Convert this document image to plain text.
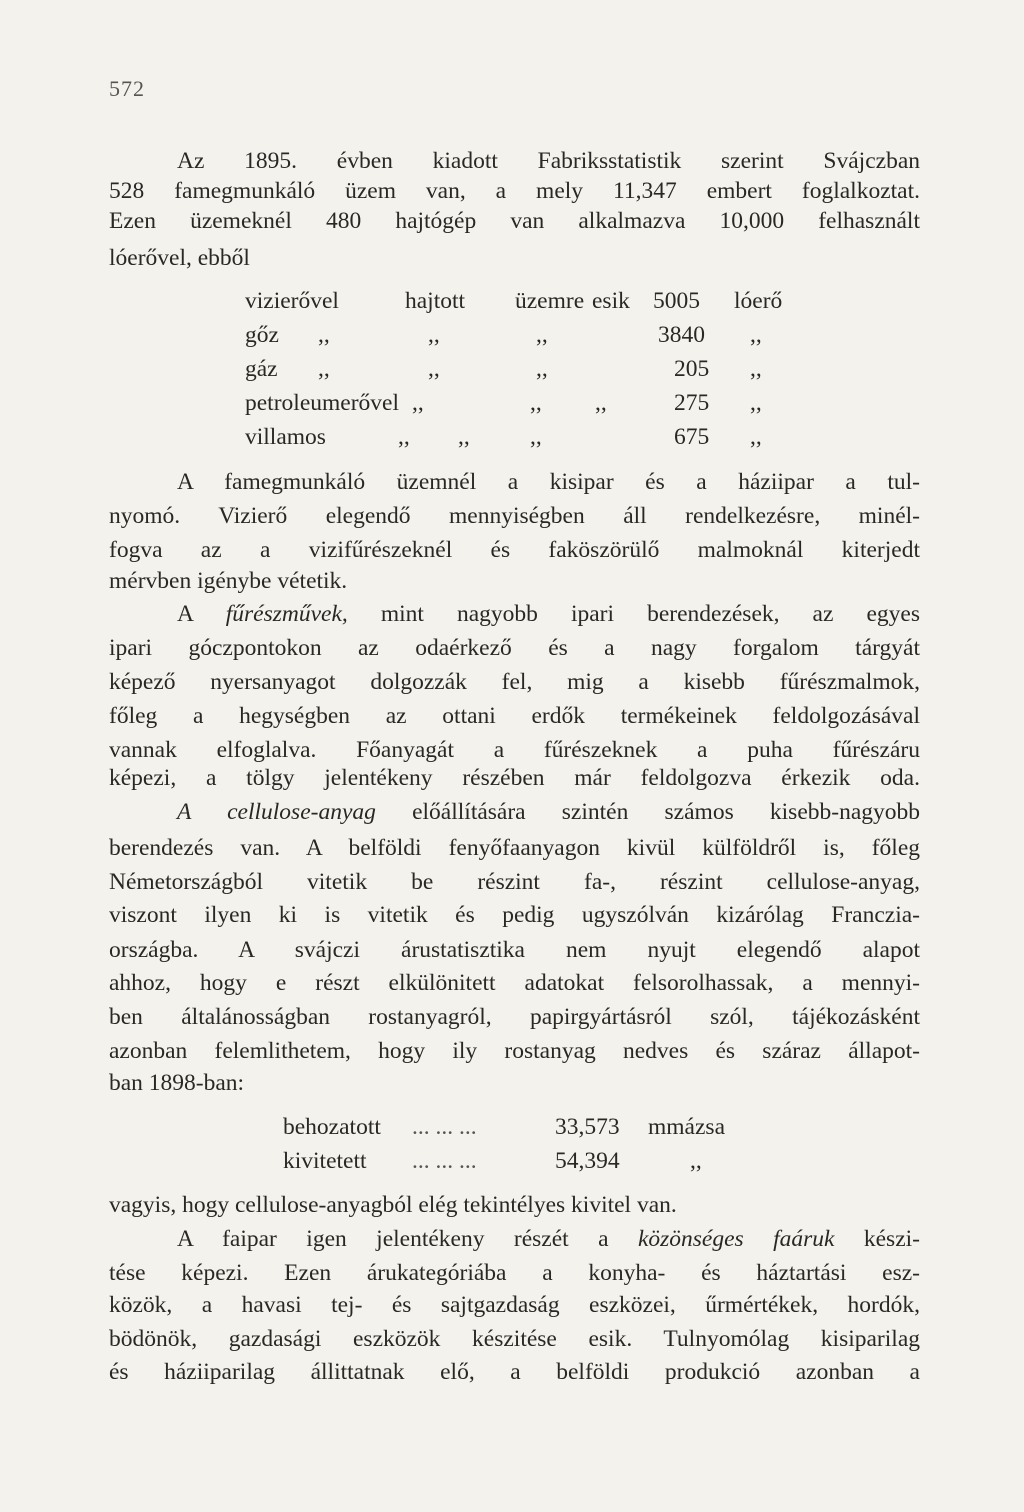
572
Az 1895. évben kiadott Fabriksstatistik szerint Svájczban
528 famegmunkáló üzem van, a mely 11,347 embert foglalkoztat.
Ezen üzemeknél 480 hajtógép van alkalmazva 10,000 felhasznált
lóerővel, ebből
vizierővel	hajtott üzemre esik 5005 lóerő
gőz ,,	,,	,,	3840 ,,
gáz ,,	,,	,,	205 ,,
petroleumerővel ,,	,, ,,	275 ,,
villamos	,, ,,	,,	675 ,,
A famegmunkáló üzemnél a kisipar és a háziipar a tul-
nyomó. Vizierő elegendő mennyiségben áll rendelkezésre, minél-
fogva az a vizifűrészeknél és faköszörülő malmoknál kiterjedt
mérvben igénybe vétetik.
A fűrészművek, mint nagyobb ipari berendezések, az egyes
ipari góczpontokon az odaérkező és a nagy forgalom tárgyát
képező nyersanyagot dolgozzák fel, mig a kisebb fűrészmalmok,
főleg a hegységben az ottani erdők termékeinek feldolgozásával
vannak elfoglalva. Főanyagát a fűrészeknek a puha fűrészáru
képezi, a tölgy jelentékeny részében már feldolgozva érkezik oda.
A cellulose-anyag előállítására szintén számos kisebb-nagyobb
berendezés van. A belföldi fenyőfaanyagon kivül külföldről is, főleg
Németországból vitetik be részint fa-, részint cellulose-anyag,
viszont ilyen ki is vitetik és pedig ugyszólván kizárólag Franczia-
országba. A svájczi árustatisztika nem nyujt elegendő alapot
ahhoz, hogy e részt elkülönitett adatokat felsorolhassak, a mennyi-
ben általánosságban rostanyagról, papirgyártásról szól, tájékozásként
azonban felemlithetem, hogy ily rostanyag nedves és száraz állapot-
ban 1898-ban:
behozatott ... ... ...	33,573 mmázsa
kivitetett ... ... ...	54,394	,,
vagyis, hogy cellulose-anyagból elég tekintélyes kivitel van.
A faipar igen jelentékeny részét a közönséges faáruk készi-
tése képezi. Ezen árukategóriába a konyha- és háztartási esz-
közök, a havasi tej- és sajtgazdaság eszközei, űrmértékek, hordók,
bödönök, gazdasági eszközök készitése esik. Tulnyomólag kisiparilag
és háziiparilag állittatnak elő, a belföldi produkció azonban a
